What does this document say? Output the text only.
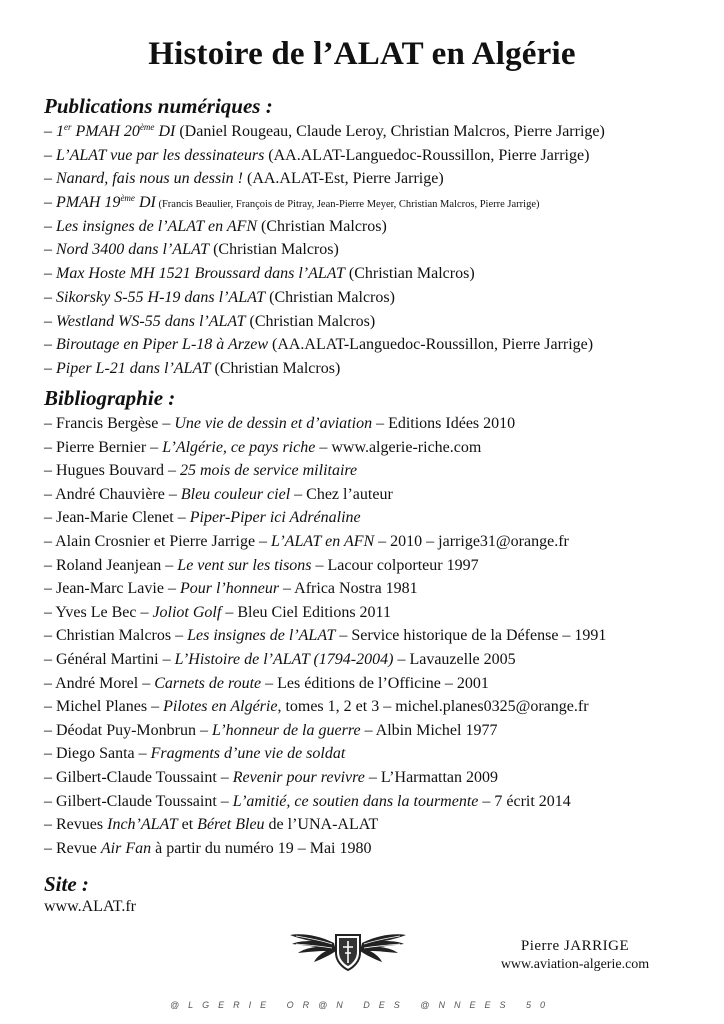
Histoire de l’ALAT en Algérie
Publications numériques :
– 1er PMAH 20ème DI (Daniel Rougeau, Claude Leroy, Christian Malcros, Pierre Jarrige)
– L’ALAT vue par les dessinateurs (AA.ALAT-Languedoc-Roussillon, Pierre Jarrige)
– Nanard, fais nous un dessin ! (AA.ALAT-Est, Pierre Jarrige)
– PMAH 19ème DI (Francis Beaulier, François de Pitray, Jean-Pierre Meyer, Christian Malcros, Pierre Jarrige)
– Les insignes de l’ALAT en AFN (Christian Malcros)
– Nord 3400 dans l’ALAT (Christian Malcros)
– Max Hoste MH 1521 Broussard dans l’ALAT (Christian Malcros)
– Sikorsky S-55 H-19 dans l’ALAT (Christian Malcros)
– Westland WS-55 dans l’ALAT (Christian Malcros)
– Biroutage en Piper L-18 à Arzew (AA.ALAT-Languedoc-Roussillon, Pierre Jarrige)
– Piper L-21 dans l’ALAT (Christian Malcros)
Bibliographie :
– Francis Bergèse – Une vie de dessin et d’aviation – Editions Idées 2010
– Pierre Bernier – L’Algérie, ce pays riche – www.algerie-riche.com
– Hugues Bouvard – 25 mois de service militaire
– André Chauvière – Bleu couleur ciel – Chez l’auteur
– Jean-Marie Clenet – Piper-Piper ici Adrénaline
– Alain Crosnier et Pierre Jarrige – L’ALAT en AFN – 2010 – jarrige31@orange.fr
– Roland Jeanjean – Le vent sur les tisons – Lacour colporteur 1997
– Jean-Marc Lavie – Pour l’honneur – Africa Nostra 1981
– Yves Le Bec – Joliot Golf – Bleu Ciel Editions 2011
– Christian Malcros – Les insignes de l’ALAT – Service historique de la Défense – 1991
– Général Martini – L’Histoire de l’ALAT (1794-2004) – Lavauzelle 2005
– André Morel – Carnets de route – Les éditions de l’Officine – 2001
– Michel Planes – Pilotes en Algérie, tomes 1, 2 et 3 – michel.planes0325@orange.fr
– Déodat Puy-Monbrun – L’honneur de la guerre – Albin Michel 1977
– Diego Santa – Fragments d’une vie de soldat
– Gilbert-Claude Toussaint – Revenir pour revivre – L’Harmattan 2009
– Gilbert-Claude Toussaint – L’amitié, ce soutien dans la tourmente – 7 écrit 2014
– Revues Inch’ALAT et Béret Bleu de l’UNA-ALAT
– Revue Air Fan à partir du numéro 19 – Mai 1980
Site :
www.ALAT.fr
Pierre JARRIGE
www.aviation-algerie.com
@LGERIE OR@N DES @NNEES 50
